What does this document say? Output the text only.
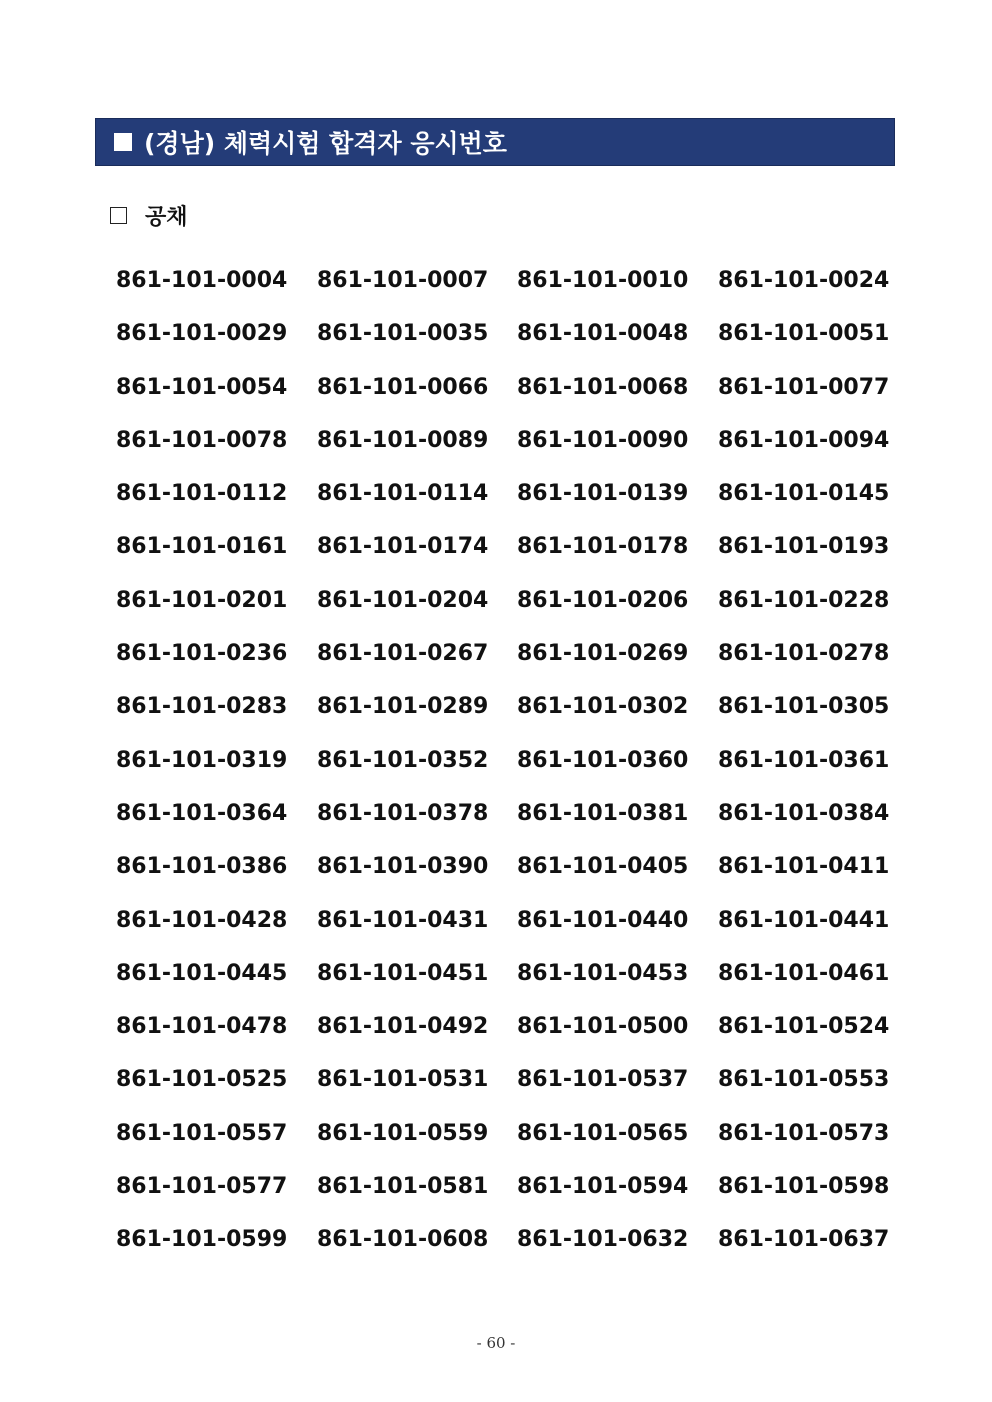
(경남) 체력시험 합격자 응시번호
공채
861-101-0004	861-101-0007	861-101-0010	861-101-0024
861-101-0029	861-101-0035	861-101-0048	861-101-0051
861-101-0054	861-101-0066	861-101-0068	861-101-0077
861-101-0078	861-101-0089	861-101-0090	861-101-0094
861-101-0112	861-101-0114	861-101-0139	861-101-0145
861-101-0161	861-101-0174	861-101-0178	861-101-0193
861-101-0201	861-101-0204	861-101-0206	861-101-0228
861-101-0236	861-101-0267	861-101-0269	861-101-0278
861-101-0283	861-101-0289	861-101-0302	861-101-0305
861-101-0319	861-101-0352	861-101-0360	861-101-0361
861-101-0364	861-101-0378	861-101-0381	861-101-0384
861-101-0386	861-101-0390	861-101-0405	861-101-0411
861-101-0428	861-101-0431	861-101-0440	861-101-0441
861-101-0445	861-101-0451	861-101-0453	861-101-0461
861-101-0478	861-101-0492	861-101-0500	861-101-0524
861-101-0525	861-101-0531	861-101-0537	861-101-0553
861-101-0557	861-101-0559	861-101-0565	861-101-0573
861-101-0577	861-101-0581	861-101-0594	861-101-0598
861-101-0599	861-101-0608	861-101-0632	861-101-0637
- 60 -
